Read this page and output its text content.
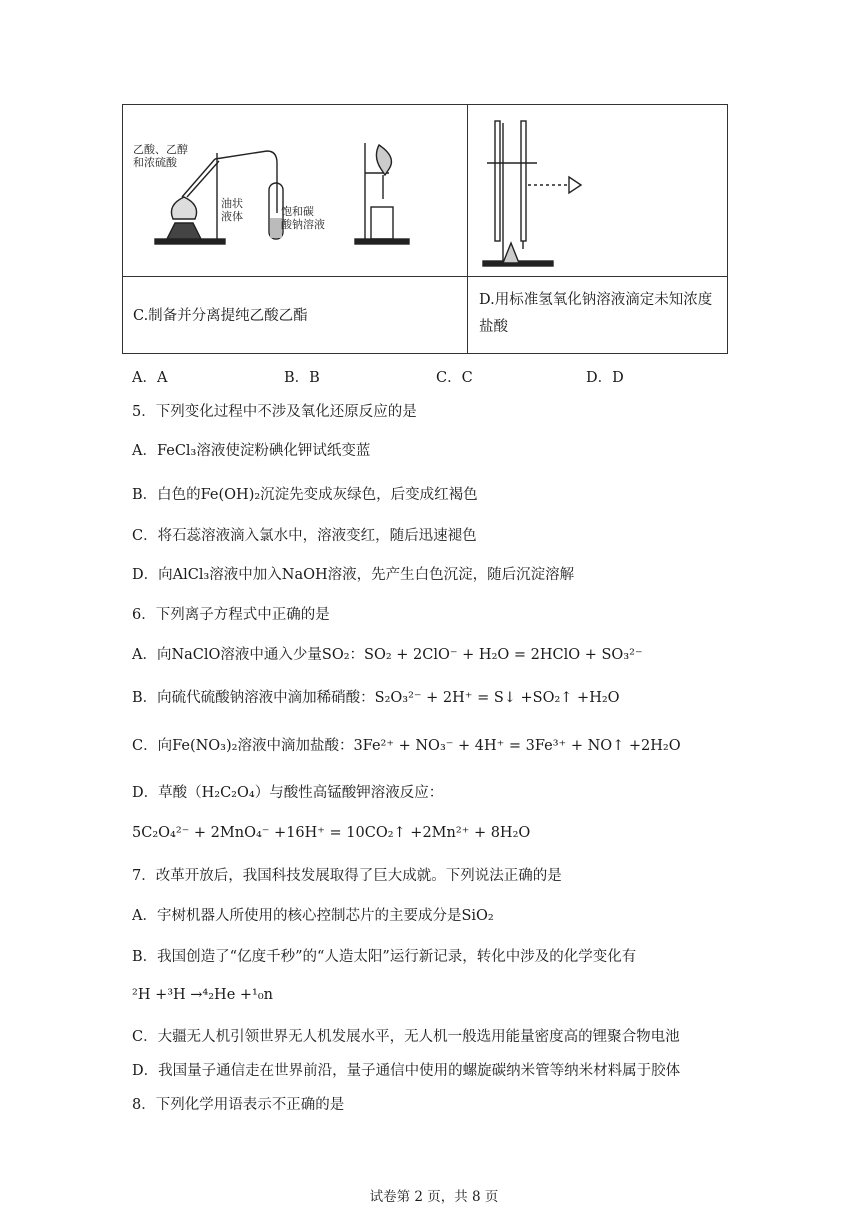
乙酸、乙醇
和浓硫酸
油状
液体	饱和碳
酸钠溶液
C.制备并分离提纯乙酸乙酯
D.用标准氢氧化钠溶液滴定未知浓度
盐酸
A．A	B．B	C．C	D．D
5．下列变化过程中不涉及氧化还原反应的是
A．FeCl₃溶液使淀粉碘化钾试纸变蓝
B．白色的Fe(OH)₂沉淀先变成灰绿色，后变成红褐色
C．将石蕊溶液滴入氯水中，溶液变红，随后迅速褪色
D．向AlCl₃溶液中加入NaOH溶液，先产生白色沉淀，随后沉淀溶解
6．下列离子方程式中正确的是
A．向NaClO溶液中通入少量SO₂：SO₂ + 2ClO⁻ + H₂O = 2HClO + SO₃²⁻
B．向硫代硫酸钠溶液中滴加稀硝酸：S₂O₃²⁻ + 2H⁺ = S↓ +SO₂↑ +H₂O
C．向Fe(NO₃)₂溶液中滴加盐酸：3Fe²⁺ + NO₃⁻ + 4H⁺ = 3Fe³⁺ + NO↑ +2H₂O
D．草酸（H₂C₂O₄）与酸性高锰酸钾溶液反应：
5C₂O₄²⁻ + 2MnO₄⁻ +16H⁺ = 10CO₂↑ +2Mn²⁺ + 8H₂O
7．改革开放后，我国科技发展取得了巨大成就。下列说法正确的是
A．宇树机器人所使用的核心控制芯片的主要成分是SiO₂
B．我国创造了“亿度千秒”的“人造太阳”运行新记录，转化中涉及的化学变化有
²H +³H →⁴₂He +¹₀n
C．大疆无人机引领世界无人机发展水平，无人机一般选用能量密度高的锂聚合物电池
D．我国量子通信走在世界前沿，量子通信中使用的螺旋碳纳米管等纳米材料属于胶体
8．下列化学用语表示不正确的是
试卷第 2 页，共 8 页
